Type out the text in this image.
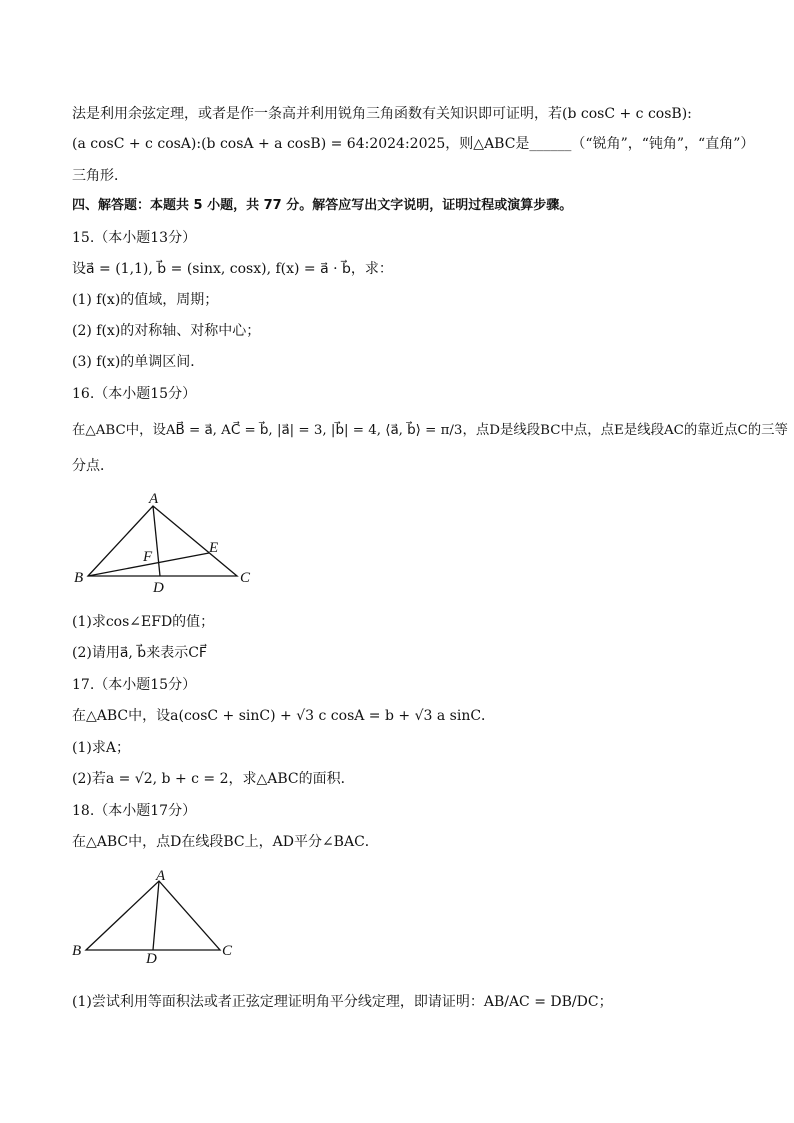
法是利用余弦定理，或者是作一条高并利用锐角三角函数有关知识即可证明，若(b cosC + c cosB):
(a cosC + c cosA):(b cosA + a cosB) = 64:2024:2025，则△ABC是______（“锐角”，“钝角”，“直角”）
三角形．
四、解答题：本题共 5 小题，共 77 分。解答应写出文字说明，证明过程或演算步骤。
15.（本小题13分）
设a⃗ = (1,1), b⃗ = (sinx, cosx), f(x) = a⃗ · b⃗，求：
(1) f(x)的值域，周期；
(2) f(x)的对称轴、对称中心；
(3) f(x)的单调区间．
16.（本小题15分）
在△ABC中，设AB⃗ = a⃗, AC⃗ = b⃗, |a⃗| = 3, |b⃗| = 4, ⟨a⃗, b⃗⟩ = π/3，点D是线段BC中点，点E是线段AC的靠近点C的三等
分点．
A
B	C
D
E
F
(1)求cos∠EFD的值；
(2)请用a⃗, b⃗来表示CF⃗
17.（本小题15分）
在△ABC中，设a(cosC + sinC) + √3 c cosA = b + √3 a sinC．
(1)求A；
(2)若a = √2, b + c = 2，求△ABC的面积．
18.（本小题17分）
在△ABC中，点D在线段BC上，AD平分∠BAC．
A
B	C
D
(1)尝试利用等面积法或者正弦定理证明角平分线定理，即请证明：AB/AC = DB/DC；
